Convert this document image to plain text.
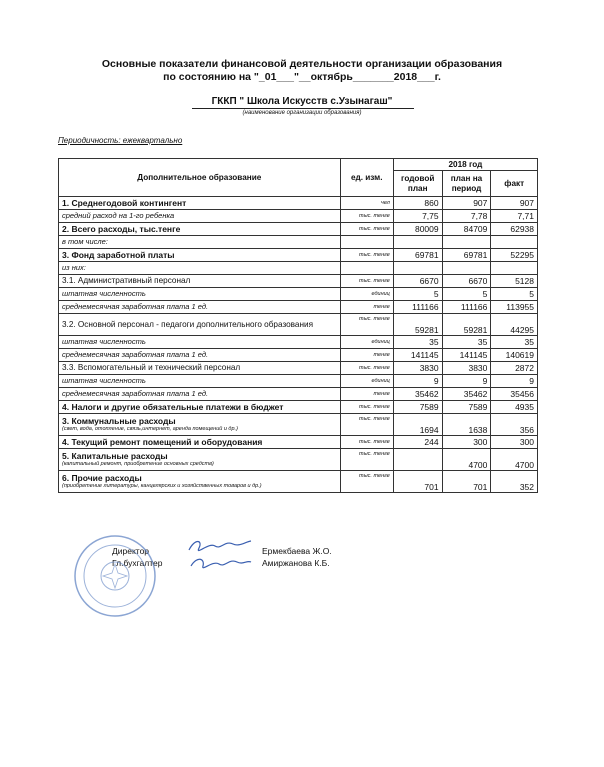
Основные показатели финансовой деятельности организации образования
по состоянию на "_01___"__октябрь_______2018___г.
ГККП " Школа Искусств с.Узынагаш"
(наименование организации образования)
Периодичность: ежеквартально
Дополнительное образование	ед. изм.	2018 год		
		годовой план	план на период	факт
1. Среднегодовой контингент	чел	860	907	907
средний расход на 1-го ребенка	тыс. тенге	7,75	7,78	7,71
2. Всего расходы, тыс.тенге	тыс. тенге	80009	84709	62938
в том числе:				
3. Фонд заработной платы	тыс. тенге	69781	69781	52295
из них:				
3.1. Административный персонал	тыс. тенге	6670	6670	5128
штатная численность	единиц	5	5	5
среднемесячная заработная плата 1 ед.	тенге	111166	111166	113955
3.2. Основной персонал - педагоги дополнительного образования	тыс. тенге	59281	59281	44295
штатная численность	единиц	35	35	35
среднемесячная заработная плата 1 ед.	тенге	141145	141145	140619
3.3. Вспомогательный и технический персонал	тыс. тенге	3830	3830	2872
штатная численность	единиц	9	9	9
среднемесячная заработная плата 1 ед.	тенге	35462	35462	35456
4. Налоги и другие обязательные платежи в бюджет	тыс. тенге	7589	7589	4935
3. Коммунальные расходы
(свет, вода, отопление, связь,интернет, аренда помещений и др.)	тыс. тенге	1694	1638	356
4. Текущий ремонт помещений и оборудования	тыс. тенге	244	300	300
5. Капитальные расходы
(капитальный ремонт, приобретение основных средств)	тыс. тенге		4700	4700
6. Прочие расходы
(приобретение литературы, канцелярских и хозяйственных товаров и др.)	тыс. тенге	701	701	352
Директор
Гл.бухгалтер
Ермекбаева Ж.О.
Амиржанова К.Б.
